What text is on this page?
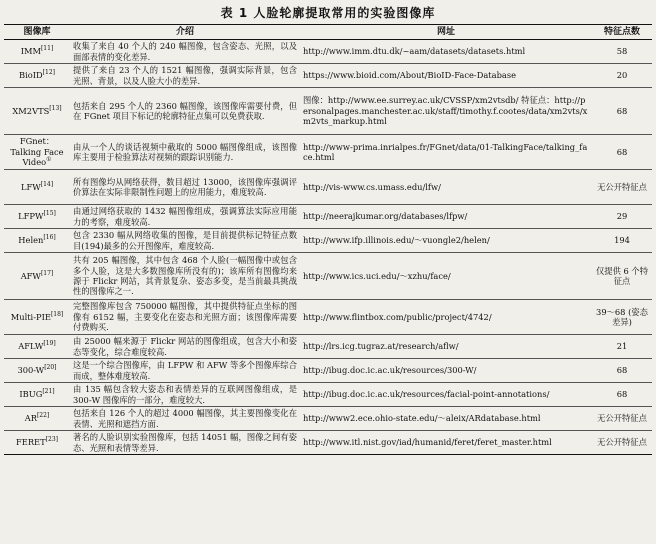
表 1 人脸轮廓提取常用的实验图像库
图像库	介绍	网址	特征点数
IMM[11]	收集了来自 40 个人的 240 幅图像，包含姿态、光照，以及面部表情的变化差异.	http://www.imm.dtu.dk/~aam/datasets/datasets.html	58
BioID[12]	提供了来自 23 个人的 1521 幅图像，强调实际背景，包含光照、背景，以及人脸大小的差异.	https://www.bioid.com/About/BioID-Face-Database	20
XM2VTS[13]	包括来自 295 个人的 2360 幅图像，该图像库需要付费，但在 FGnet 项目下标记的轮廓特征点集可以免费获取.	图像：http://www.ee.surrey.ac.uk/CVSSP/xm2vtsdb/ 特征点：http://personalpages.manchester.ac.uk/staff/timothy.f.cootes/data/xm2vts/xm2vts_markup.html	68
FGnet：Talking Face Video①	由从一个人的谈话视频中截取的 5000 幅图像组成，该图像库主要用于检验算法对视频的跟踪识别能力.	http://www-prima.inrialpes.fr/FGnet/data/01-TalkingFace/talking_face.html	68
LFW[14]	所有图像均从网络获得，数目超过 13000，该图像库强调评价算法在实际非限制性问题上的应用能力，难度较高.	http://vis-www.cs.umass.edu/lfw/	无公开特征点
LFPW[15]	由通过网络获取的 1432 幅图像组成，强调算法实际应用能力的考察，难度较高.	http://neerajkumar.org/databases/lfpw/	29
Helen[16]	包含 2330 幅从网络收集的图像，是目前提供标记特征点数目(194)最多的公开图像库，难度较高.	http://www.ifp.illinois.edu/～vuongle2/helen/	194
AFW[17]	共有 205 幅图像，其中包含 468 个人脸(一幅图像中或包含多个人脸，这是大多数图像库所没有的)；该库所有图像均来源于 Flickr 网站，其背景复杂、姿态多变，是当前最具挑战性的图像库之一.	http://www.ics.uci.edu/～xzhu/face/	仅提供 6 个特征点
Multi-PIE[18]	完整图像库包含 750000 幅图像，其中提供特征点坐标的图像有 6152 幅，主要变化在姿态和光照方面；该图像库需要付费购买.	http://www.flintbox.com/public/project/4742/	39～68 (姿态差异)
AFLW[19]	由 25000 幅来源于 Flickr 网站的图像组成，包含大小和姿态等变化，综合难度较高.	http://lrs.icg.tugraz.at/research/aflw/	21
300-W[20]	这是一个综合图像库，由 LFPW 和 AFW 等多个图像库综合而成，整体难度较高.	http://ibug.doc.ic.ac.uk/resources/300-W/	68
IBUG[21]	由 135 幅包含较大姿态和表情差异的互联网图像组成，是 300-W 图像库的一部分，难度较大.	http://ibug.doc.ic.ac.uk/resources/facial-point-annotations/	68
AR[22]	包括来自 126 个人的超过 4000 幅图像，其主要图像变化在表情、光照和遮挡方面.	http://www2.ece.ohio-state.edu/～aleix/ARdatabase.html	无公开特征点
FERET[23]	著名的人脸识别实验图像库，包括 14051 幅，图像之间有姿态、光照和表情等差异.	http://www.itl.nist.gov/iad/humanid/feret/feret_master.html	无公开特征点
